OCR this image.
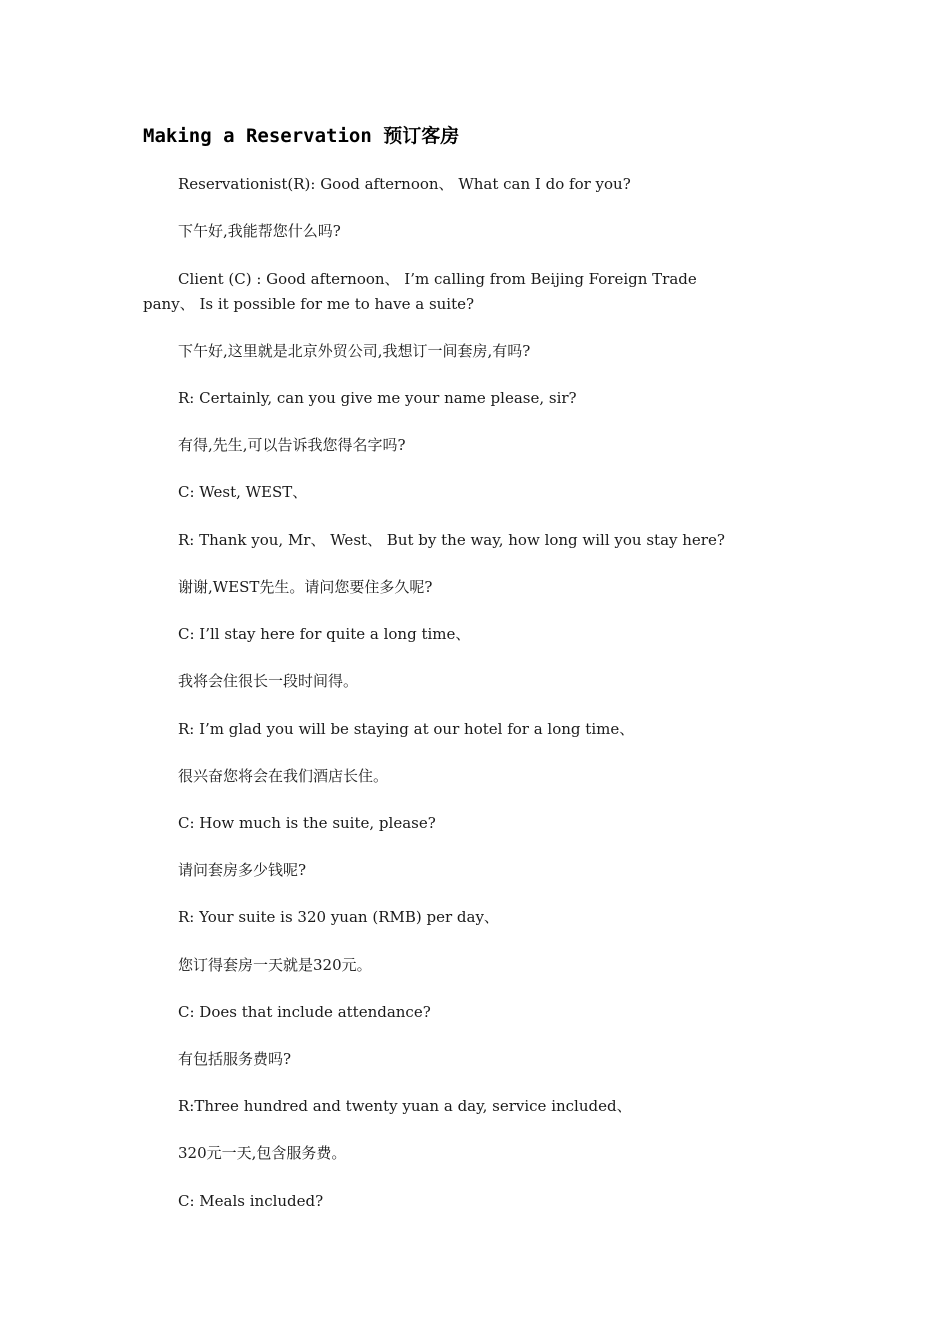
Making a Reservation 预订客房

Reservationist(R): Good afternoon、 What can I do for you?

下午好,我能帮您什么吗?

Client (C) : Good afternoon、 I’m calling from Beijing Foreign Trade

pany、 Is it possible for me to have a suite?

下午好,这里就是北京外贸公司,我想订一间套房,有吗?

R: Certainly, can you give me your name please, sir?

有得,先生,可以告诉我您得名字吗?

C: West, WEST、

R: Thank you, Mr、 West、 But by the way, how long will you stay here?

谢谢,WEST先生。请问您要住多久呢?

C: I’ll stay here for quite a long time、

我将会住很长一段时间得。

R: I’m glad you will be staying at our hotel for a long time、

很兴奋您将会在我们酒店长住。

C: How much is the suite, please?

请问套房多少钱呢?

R: Your suite is 320 yuan (RMB) per day、

您订得套房一天就是320元。

C: Does that include attendance?

有包括服务费吗?

R:Three hundred and twenty yuan a day, service included、

320元一天,包含服务费。

C: Meals included?
